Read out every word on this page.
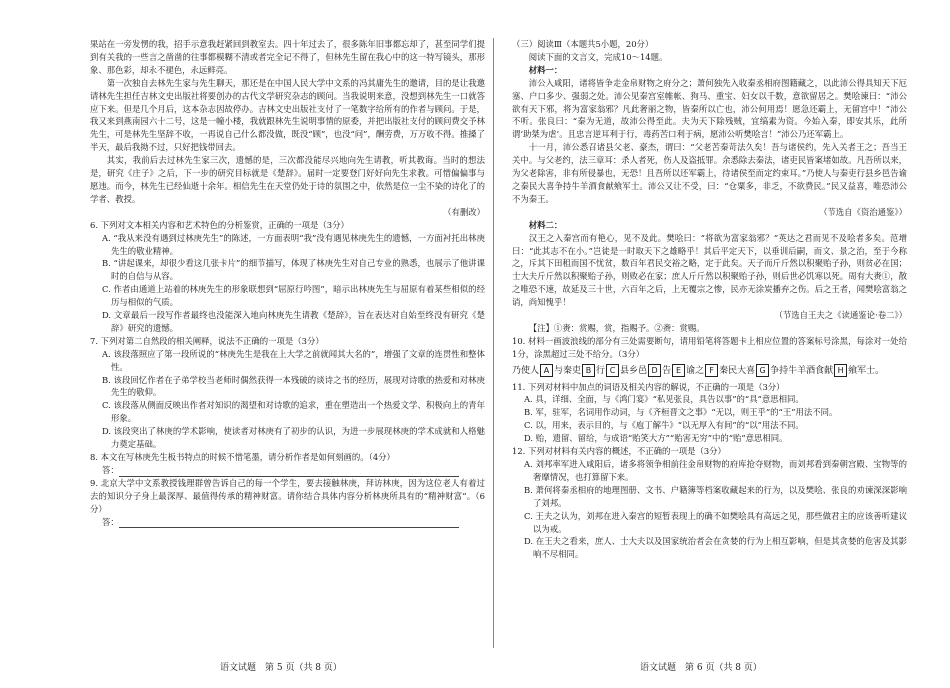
果站在一旁发愣的我，招手示意我赶紧回到教室去。四十年过去了，很多陈年旧事都忘却了，甚至同学们提到有关我的一些言之凿凿的往事都模糊不清或者完全记不得了，但林先生留在我心中的这一特写镜头，那形象、那色彩，却永不褪色，永远鲜亮。

第一次独自去林先生家与先生聊天，那还是在中国人民大学中文系的冯其庸先生的邀请，目的是让我邀请林先生担任吉林文史出版社将要创办的古代文学研究杂志的顾问。当我说明来意，没想到林先生一口就答应下来。但是几个月后，这本杂志因故停办。吉林文史出版社支付了一笔数字给所有的作者与顾问。于是，我又来到燕南园六十二号，这是一幢小楼，我就跟林先生说明事情的原委，并把出版社支付的顾问费交予林先生，可是林先生坚辞不收，一再说自己什么都没做，既没“顾”，也没“问”，酬劳费，万万收不得。推搡了半天，最后我拗不过，只好把钱带回去。

其实，我前后去过林先生家三次，遗憾的是，三次都没能尽兴地向先生请教，听其教诲。当时的想法是，研究《庄子》之后，下一步的研究目标就是《楚辞》。届时一定要登门好好向先生求教。可惜偏偏事与愿违。而今，林先生已经仙逝十余年。相信先生在天堂仍处于诗的氛围之中，依然是位一尘不染的诗化了的学者、教授。

（有删改）

6. 下列对文本相关内容和艺术特色的分析鉴赏，正确的一项是（3分）

A. “我从来没有遇到过林庚先生”的陈述，一方面表明“我”没有遇见林庚先生的遗憾，一方面衬托出林庚先生的敬业精神。

B. “讲起课来，却很少看这几张卡片”的细节描写，体现了林庚先生对自己专业的熟悉，也展示了他讲课时的自信与从容。

C. 作者由通道上站着的林庚先生的形象联想到“屈原行吟图”，暗示出林庚先生与屈原有着某些相似的经历与相似的气质。

D. 文章最后一段写作者最终也没能深入地向林庚先生请教《楚辞》，旨在表达对自始至终没有研究《楚辞》研究的遗憾。

7. 下列对第二自然段的相关阐释，说法不正确的一项是（3分）

A. 该段落照应了第一段所说的“林庚先生是我在上大学之前就闻其大名的”，增强了文章的连贯性和整体性。

B. 该段回忆作者在子弟学校当老师时偶然获得一本残破的谈诗之书的经历，展现对诗歌的热爱和对林庚先生的敬仰。

C. 该段落从侧面反映出作者对知识的渴望和对诗歌的追求，重在塑造出一个热爱文学、积极向上的青年形象。

D. 该段突出了林庚的学术影响，使读者对林庚有了初步的认识，为进一步展现林庚的学术成就和人格魅力奠定基础。

8. 本文在写林庚先生板书特点的时候不惜笔墨，请分析作者是如何刻画的。（4分）

答：

9. 北京大学中文系教授钱理群曾告诉自己的每一个学生，要去接触林庚，拜访林庚，因为这位老人有着过去的知识分子身上最深厚、最值得传承的精神财富。请你结合具体内容分析林庚所具有的“精神财富”。（6分）

答：

（三）阅读Ⅲ（本题共5小题，20分）

阅读下面的文言文，完成10～14题。

材料一：

沛公入咸阳，诸将皆争走金帛财物之府分之；萧何独先入收秦丞相府图籍藏之，以此沛公得具知天下厄塞、户口多少、强弱之处。沛公见秦宫室帷帐、狗马、重宝、妇女以千数，意欲留居之。樊哙谏曰：“沛公欲有天下邪，将为富家翁邪？凡此奢丽之物，皆秦所以亡也，沛公何用焉！愿急还霸上，无留宫中！”沛公不听。张良曰：“秦为无道，故沛公得至此。夫为天下除残贼，宜缟素为资。今始入秦，即安其乐，此所谓‘助桀为虐’。且忠言逆耳利于行，毒药苦口利于病，愿沛公听樊哙言！”沛公乃还军霸上。

十一月，沛公悉召诸县父老、豪杰，谓曰：“父老苦秦苛法久矣！吾与诸侯约，先入关者王之；吾当王关中。与父老约，法三章耳：杀人者死，伤人及盗抵罪。余悉除去秦法，诸吏民皆案堵如故。凡吾所以来，为父老除害，非有所侵暴也，无恐！且吾所以还军霸上，待诸侯至而定约束耳。”乃使人与秦吏行县乡邑告谕之秦民大喜争持牛羊酒食献飨军士。沛公又让不受，曰：“仓粟多，非乏，不欲费民。”民又益喜，唯恐沛公不为秦王。

（节选自《资治通鉴》）

材料二：

汉王之入秦宫而有艳心，见不及此。樊哙曰：“将欲为富家翁邪？”英达之君而见不及哙者多矣。范增曰：“此其志不在小。”岂徒是一时取天下之雄略乎！其后平定天下，以垂训后嗣，而文、景之治，至于今称之，斥其下田租而国不忧贫，数百年君民交裕之略，定于此矣。天子而斤斤然以积聚贻子孙，则贫必在国；士大夫斤斤然以积聚贻子孙，则败必在家；庶人斤斤然以积聚贻子孙，则后世必饥寒以死。周有大赉①，散之唯恐不速，故延及三十世，六百年之后，上无覆宗之惨，民亦无涂炭播弃之伤。后之王者，闻樊哙富翁之诮，尚知愧乎！

（节选自王夫之《读通鉴论·卷二》）

【注】①赉：赏赐，赏，指赐予。②赉：赏赐。

10. 材料一画波浪线的部分有三处需要断句，请用铅笔将答题卡上相应位置的答案标号涂黑，每涂对一处给1分，涂黑超过三处不给分。（3分）

乃使人 A 与秦吏 B 行 C 县乡邑 D 告 E 谕之 F 秦民大喜 G 争持牛羊酒食献 H 飨军士。

11. 下列对材料中加点的词语及相关内容的解说，不正确的一项是（3分）

A. 具，详细、全面，与《鸿门宴》“私见张良，具告以事”的“具”意思相同。

B. 军，驻军，名词用作动词，与《齐桓晋文之事》“无以，则王乎”的“王”用法不同。

C. 以，用来，表示目的，与《庖丁解牛》“以无厚入有间”的“以”用法不同。

D. 贻，遗留、留给，与成语“贻笑大方”“贻害无穷”中的“贻”意思相同。

12. 下列对材料有关内容的概述，不正确的一项是（3分）

A. 刘邦率军进入咸阳后，诸多将领争相前往金帛财物的府库抢夺财物，而刘邦看到秦朝宫殿、宝物等的奢靡情况，也打算留下来。

B. 萧何将秦丞相府的地理图册、文书、户籍簿等档案收藏起来的行为，以及樊哙、张良的劝谏深深影响了刘邦。

C. 王夫之认为，刘邦在进入秦宫的短暂表现上的确不如樊哙具有高远之见，那些做君主的应该善听建议以为戒。

D. 在王夫之看来，庶人、士大夫以及国家统治者会在贪婪的行为上相互影响，但是其贪婪的危害及其影响不尽相同。

语文试题　第 5 页（共 8 页）	语文试题　第 6 页（共 8 页）
